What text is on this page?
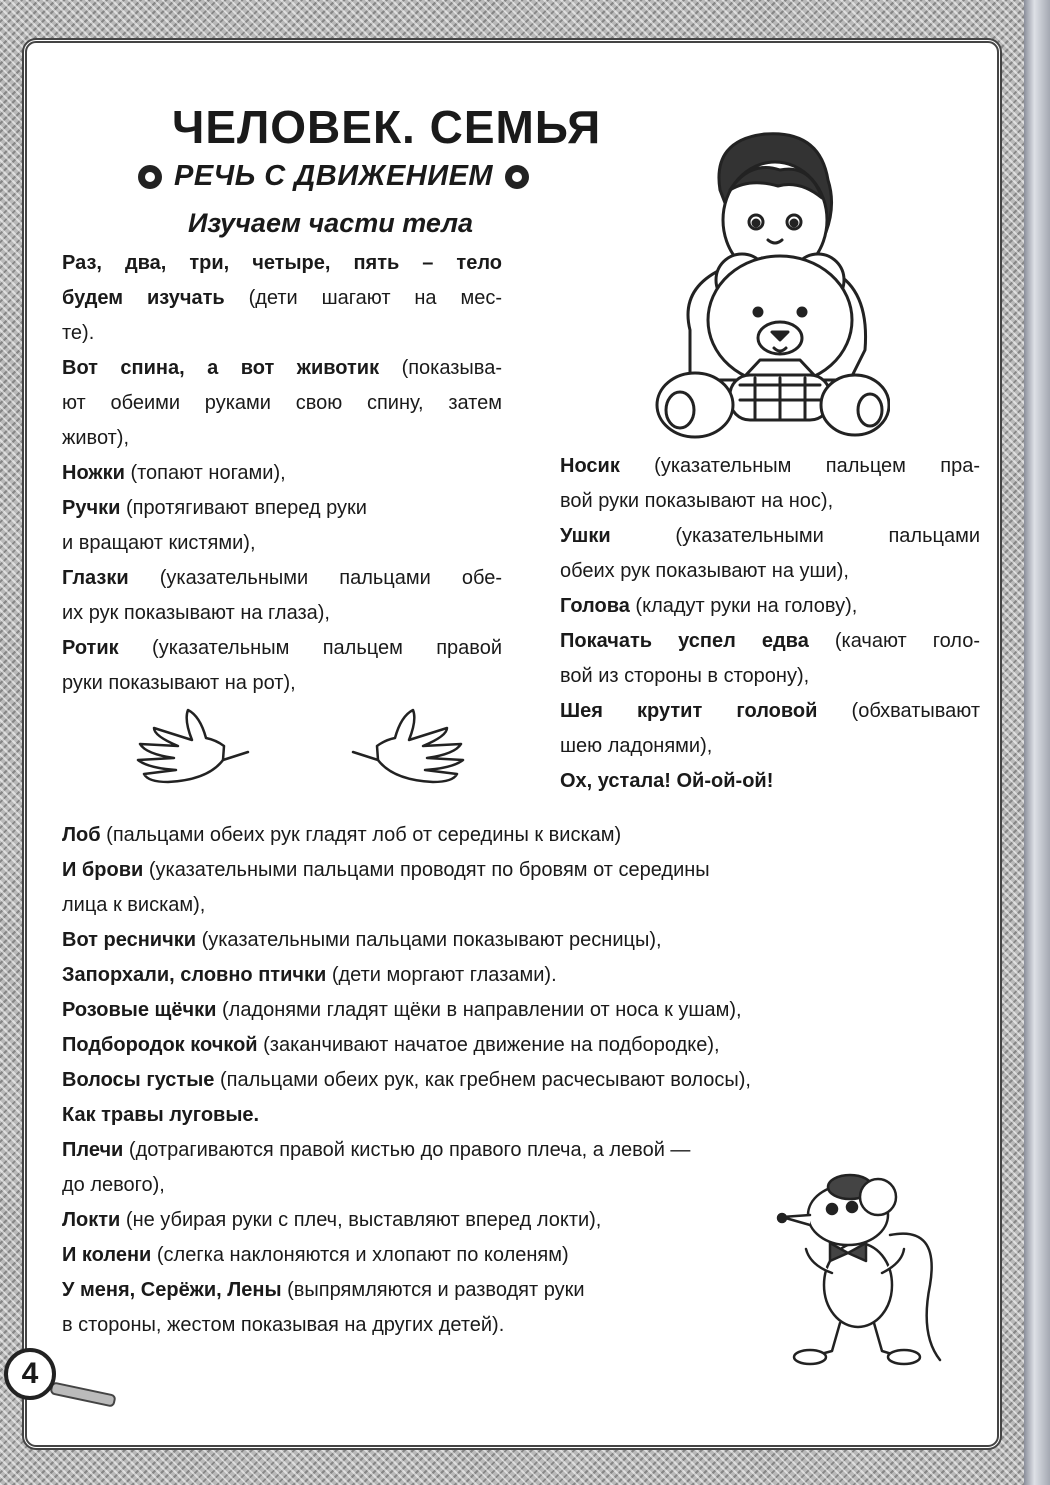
ЧЕЛОВЕК. СЕМЬЯ
РЕЧЬ С ДВИЖЕНИЕМ
Изучаем части тела

Раз, два, три, четыре, пять – тело

будем изучать (дети шагают на мес-

те).

Вот спина, а вот животик (показыва-

ют обеими руками свою спину, затем

живот),

Ножки (топают ногами),

Ручки (протягивают вперед руки

и вращают кистями),

Глазки (указательными пальцами обе-

их рук показывают на глаза),

Ротик (указательным пальцем правой

руки показывают на рот),

Носик (указательным пальцем пра-

вой руки показывают на нос),

Ушки (указательными пальцами

обеих рук показывают на уши),

Голова (кладут руки на голову),

Покачать успел едва (качают голо-

вой из стороны в сторону),

Шея крутит головой (обхватывают

шею ладонями),

Ох, устала! Ой-ой-ой!

Лоб (пальцами обеих рук гладят лоб от середины к вискам)

И брови (указательными пальцами проводят по бровям от середины

лица к вискам),

Вот реснички (указательными пальцами показывают ресницы),

Запорхали, словно птички (дети моргают глазами).

Розовые щёчки (ладонями гладят щёки в направлении от носа к ушам),

Подбородок кочкой (заканчивают начатое движение на подбородке),

Волосы густые (пальцами обеих рук, как гребнем расчесывают волосы),

Как травы луговые.

Плечи (дотрагиваются правой кистью до правого плеча, а левой —

до левого),

Локти (не убирая руки с плеч, выставляют вперед локти),

И колени (слегка наклоняются и хлопают по коленям)

У меня, Серёжи, Лены (выпрямляются и разводят руки

в стороны, жестом показывая на других детей).

4
